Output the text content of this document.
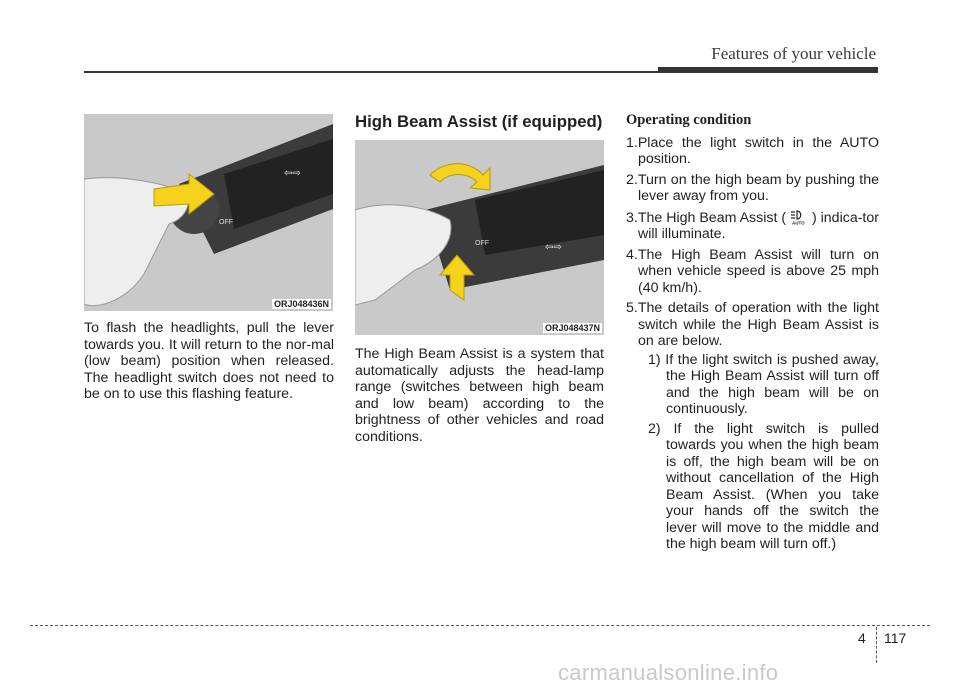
Features of your vehicle
⇦⇨
OFF
ORJ048436N

To flash the headlights, pull the lever towards you. It will return to the nor-mal (low beam) position when released. The headlight switch does not need to be on to use this flashing feature.

High Beam Assist (if equipped)
⇦⇨
OFF
ORJ048437N

The High Beam Assist is a system that automatically adjusts the head-lamp range (switches between high beam and low beam) according to the brightness of other vehicles and road conditions.

Operating condition
1.Place the light switch in the AUTO position.
2.Turn on the high beam by pushing the lever away from you.
3.The High Beam Assist ( AUTO ) indica-tor will illuminate.
4.The High Beam Assist will turn on when vehicle speed is above 25 mph (40 km/h).
5.The details of operation with the light switch while the High Beam Assist is on are below.
1) If the light switch is pushed away, the High Beam Assist will turn off and the high beam will be on continuously.
2) If the light switch is pulled towards you when the high beam is off, the high beam will be on without cancellation of the High Beam Assist. (When you take your hands off the switch the lever will move to the middle and the high beam will turn off.)
4 117
carmanualsonline.info
